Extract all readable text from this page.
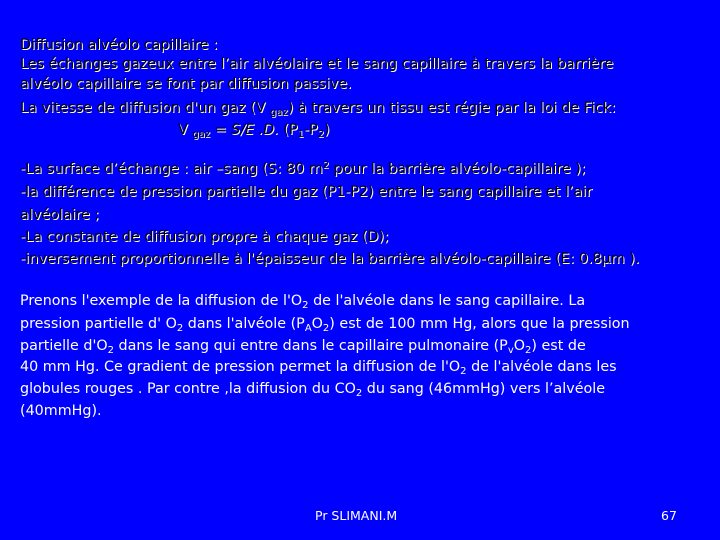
Diffusion alvéolo capillaire :
Les échanges gazeux entre l’air alvéolaire et le sang capillaire à travers la barrière
alvéolo capillaire se font par diffusion passive.
La vitesse de diffusion d'un gaz (V $_{gaz}$) à travers un tissu est régie par la loi de Fick:
V $_{gaz}$ = S/E .D. $(P_1-P_2)$
-La surface d’échange : air –sang (S: 80 $m^2$ pour la barrière alvéolo-capillaire );
-la différence de pression partielle du gaz (P1-P2) entre le sang capillaire et l’air
alvéolaire ;
-La constante de diffusion propre à chaque gaz (D);
-inversement proportionnelle à l'épaisseur de la barrière alvéolo-capillaire (E: 0.8µm ).
Prenons l'exemple de la diffusion de $l'O_2$ de l'alvéole dans le sang capillaire. La
pression partielle d' $O_2$ dans l'alvéole $(P_AO_2)$ est de 100 mm Hg, alors que la pression
partielle $d'O_2$ dans le sang qui entre dans le capillaire pulmonaire $(P_vO_2)$ est de
40 mm Hg. Ce gradient de pression permet la diffusion de $l'O_2$ de l'alvéole dans les
globules rouges . Par contre ,la diffusion du $CO_2$ du sang (46mmHg) vers l’alvéole
(40mmHg).
Pr SLIMANI.M	67
